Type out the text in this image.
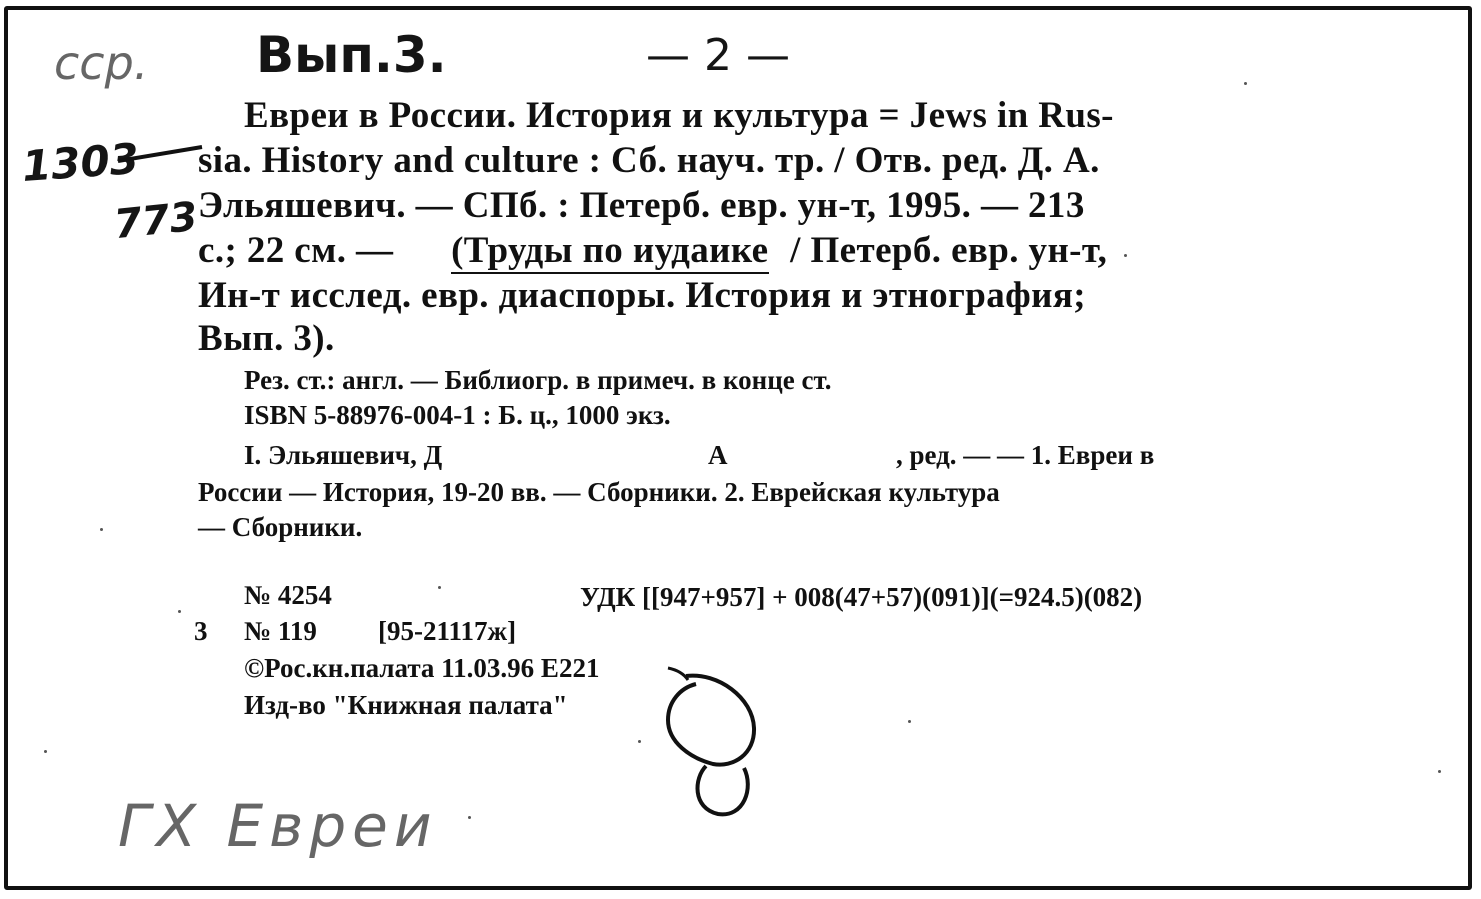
сср. Вып.3.	— 2 —
1303
773
ГХ Евреи
Евреи в России. История и культура = Jews in Rus-
sia. History and culture : Сб. науч. тр. / Отв. ред. Д. А.
Эльяшевич. — СПб. : Петерб. евр. ун-т, 1995. — 213
с.; 22 см. — (Труды по иудаике / Петерб. евр. ун-т,
Ин-т исслед. евр. диаспоры. История и этнография;
Вып. 3).
Рез. ст.: англ. — Библиогр. в примеч. в конце ст.
ISBN 5-88976-004-1 : Б. ц., 1000 экз.
I. Эльяшевич, Д	А	, ред. — — 1. Евреи в
России — История, 19-20 вв. — Сборники. 2. Еврейская культура
— Сборники.
№ 4254	УДК [[947+957] + 008(47+57)(091)](=924.5)(082)
3 № 119 [95-21117ж]
©Рос.кн.палата 11.03.96 Е221
Изд-во "Книжная палата"
